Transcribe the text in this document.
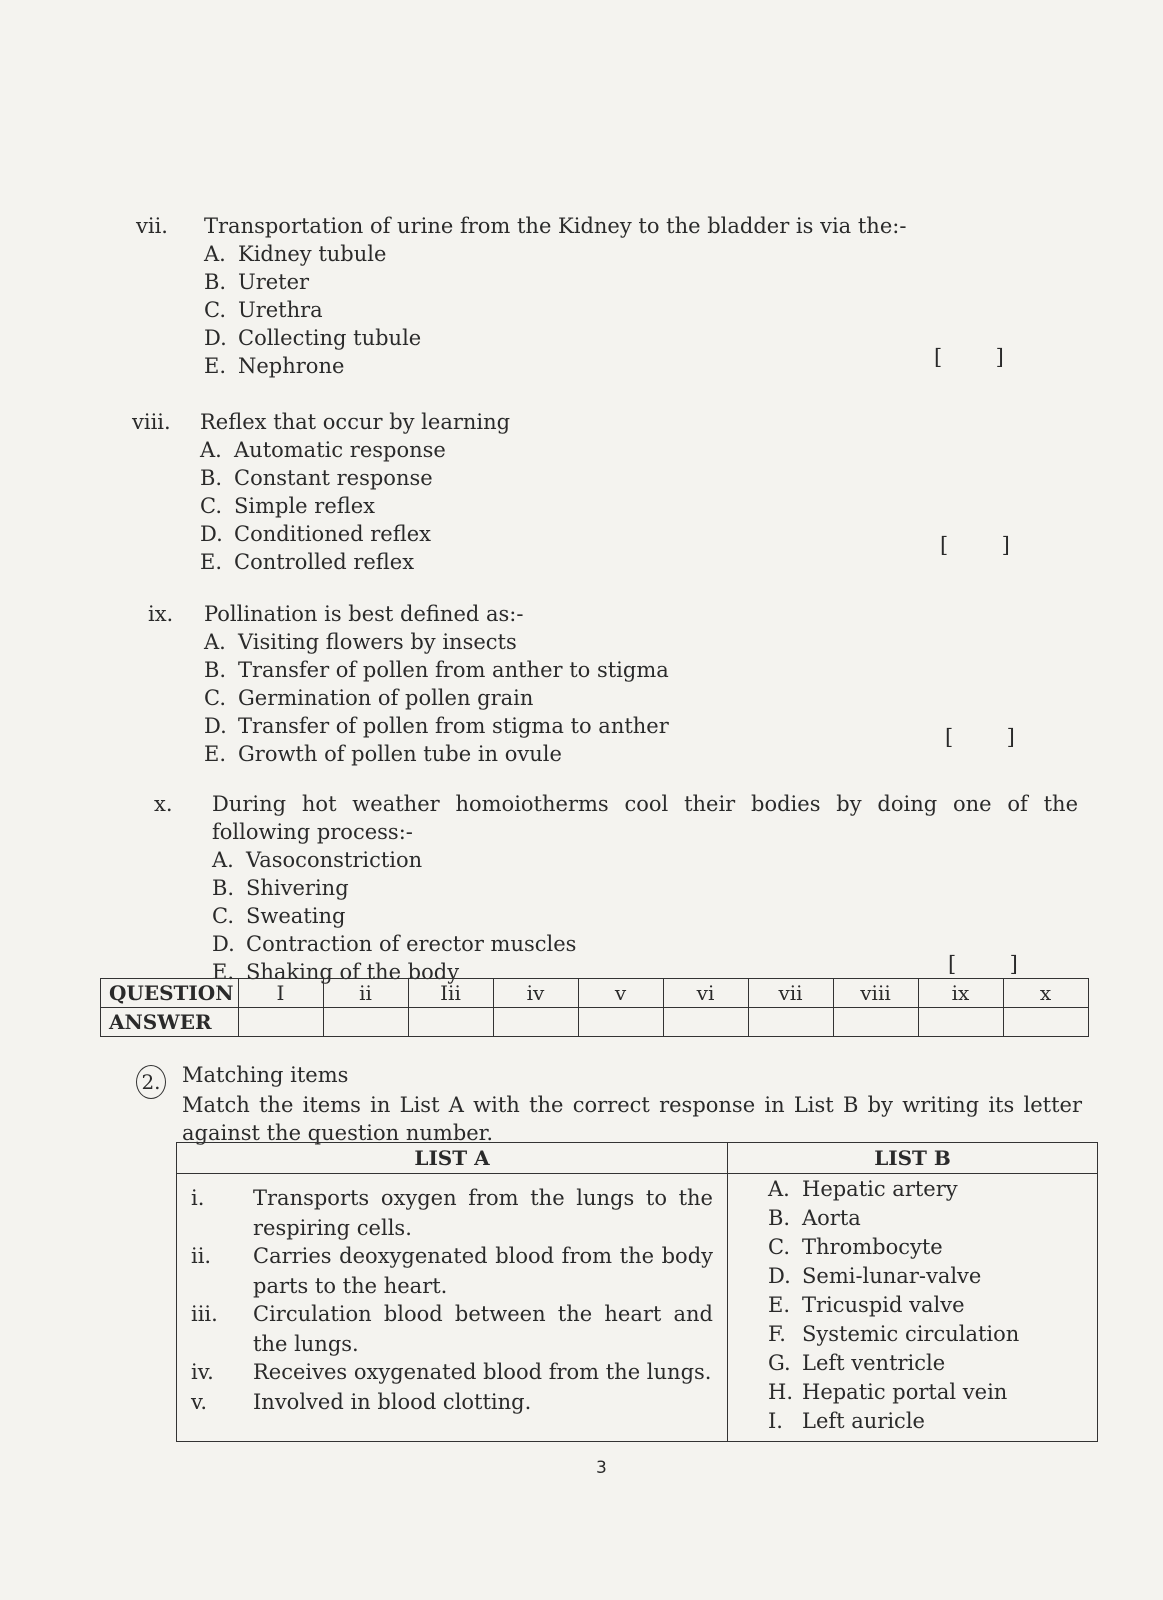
vii.	Transportation of urine from the Kidney to the bladder is via the:-
A. Kidney tubule
B. Ureter
C. Urethra
D. Collecting tubule
E. Nephrone	[        ]
viii.	Reflex that occur by learning
A. Automatic response
B. Constant response
C. Simple reflex
D. Conditioned reflex
E. Controlled reflex
[        ]
ix.	Pollination is best defined as:-
A. Visiting flowers by insects
B. Transfer of pollen from anther to stigma
C. Germination of pollen grain
D. Transfer of pollen from stigma to anther
E. Growth of pollen tube in ovule
[        ]
x.	During hot weather homoiotherms cool their bodies by doing one of the following process:-
A. Vasoconstriction
B. Shivering
C. Sweating
D. Contraction of erector muscles
E. Shaking of the body	[        ]
QUESTION	I	ii	Iii	iv	v	vi	vii	viii	ix	x
ANSWER										
2. Matching items
Match the items in List A with the correct response in List B by writing its letter against the question number.
LIST A
i.	Transports oxygen from the lungs to the respiring cells.
ii.	Carries deoxygenated blood from the body parts to the heart.
iii.	Circulation blood between the heart and the lungs.
iv.	Receives oxygenated blood from the lungs.
v.	Involved in blood clotting.
LIST B
A. Hepatic artery
B. Aorta
C. Thrombocyte
D. Semi-lunar-valve
E. Tricuspid valve
F. Systemic circulation
G. Left ventricle
H. Hepatic portal vein
I. Left auricle
3
